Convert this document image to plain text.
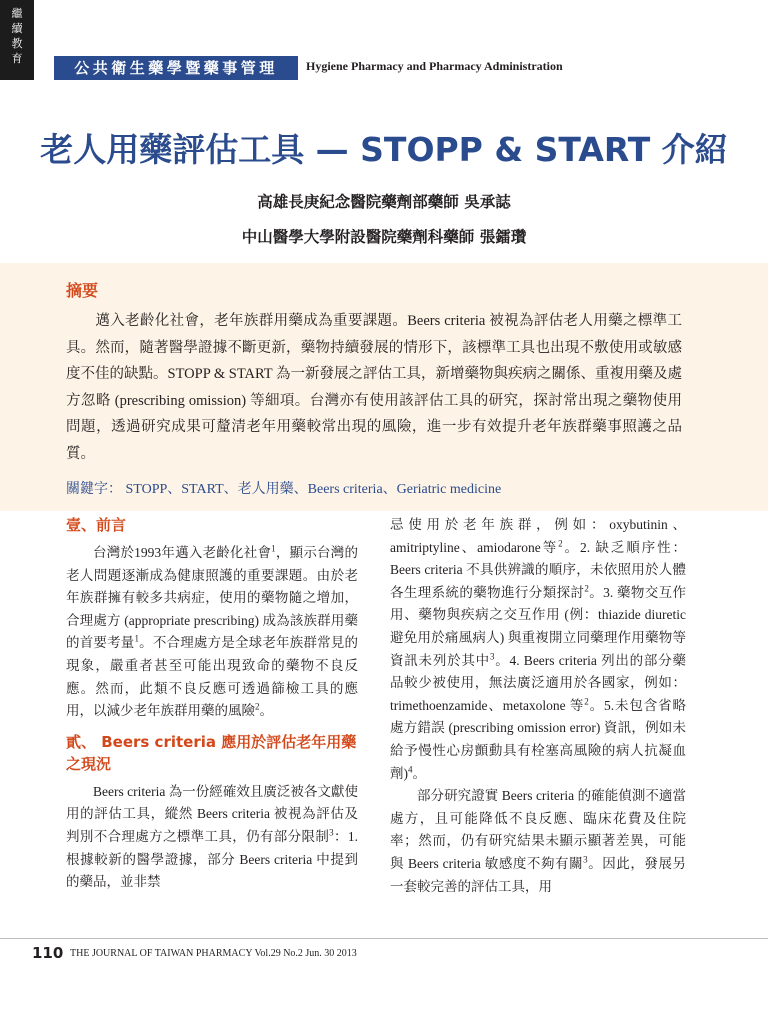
繼
續
教
育
公共衛生藥學暨藥事管理	Hygiene Pharmacy and Pharmacy Administration
老人用藥評估工具 — STOPP & START 介紹
高雄長庚紀念醫院藥劑部藥師 吳承誌
中山醫學大學附設醫院藥劑科藥師 張鐳瓚
摘要
邁入老齡化社會，老年族群用藥成為重要課題。Beers criteria 被視為評估老人用藥之標準工具。然而，隨著醫學證據不斷更新，藥物持續發展的情形下，該標準工具也出現不敷使用或敏感度不佳的缺點。STOPP & START 為一新發展之評估工具，新增藥物與疾病之關係、重複用藥及處方忽略 (prescribing omission) 等細項。台灣亦有使用該評估工具的研究，探討常出現之藥物使用問題，透過研究成果可釐清老年用藥較常出現的風險，進一步有效提升老年族群藥事照護之品質。
關鍵字： STOPP、START、老人用藥、Beers criteria、Geriatric medicine
壹、前言

台灣於1993年邁入老齡化社會$^1$，顯示台灣的老人問題逐漸成為健康照護的重要課題。由於老年族群擁有較多共病症，使用的藥物隨之增加，合理處方 (appropriate prescribing) 成為該族群用藥的首要考量$^1$。不合理處方是全球老年族群常見的現象，嚴重者甚至可能出現致命的藥物不良反應。然而，此類不良反應可透過篩檢工具的應用，以減少老年族群用藥的風險$^2$。

貳、 Beers criteria 應用於評估老年用藥之現況

Beers criteria 為一份經確效且廣泛被各文獻使用的評估工具，縱然 Beers criteria 被視為評估及判別不合理處方之標準工具，仍有部分限制$^3$：1. 根據較新的醫學證據，部分 Beers criteria 中提到的藥品，並非禁

忌使用於老年族群，例如：oxybutinin、amitriptyline、amiodarone等$^2$。2. 缺乏順序性：Beers criteria 不具供辨識的順序，未依照用於人體各生理系統的藥物進行分類探討$^2$。3. 藥物交互作用、藥物與疾病之交互作用 (例：thiazide diuretic 避免用於痛風病人) 與重複開立同藥理作用藥物等資訊未列於其中$^3$。4. Beers criteria 列出的部分藥品較少被使用，無法廣泛適用於各國家，例如：trimethoenzamide、metaxolone 等$^2$。5.未包含省略處方錯誤 (prescribing omission error) 資訊，例如未給予慢性心房顫動具有栓塞高風險的病人抗凝血劑)$^4$。

部分研究證實 Beers criteria 的確能偵測不適當處方，且可能降低不良反應、臨床花費及住院率；然而，仍有研究結果未顯示顯著差異，可能與 Beers criteria 敏感度不夠有關$^3$。因此，發展另一套較完善的評估工具，用

110 THE JOURNAL OF TAIWAN PHARMACY Vol.29 No.2 Jun. 30 2013
